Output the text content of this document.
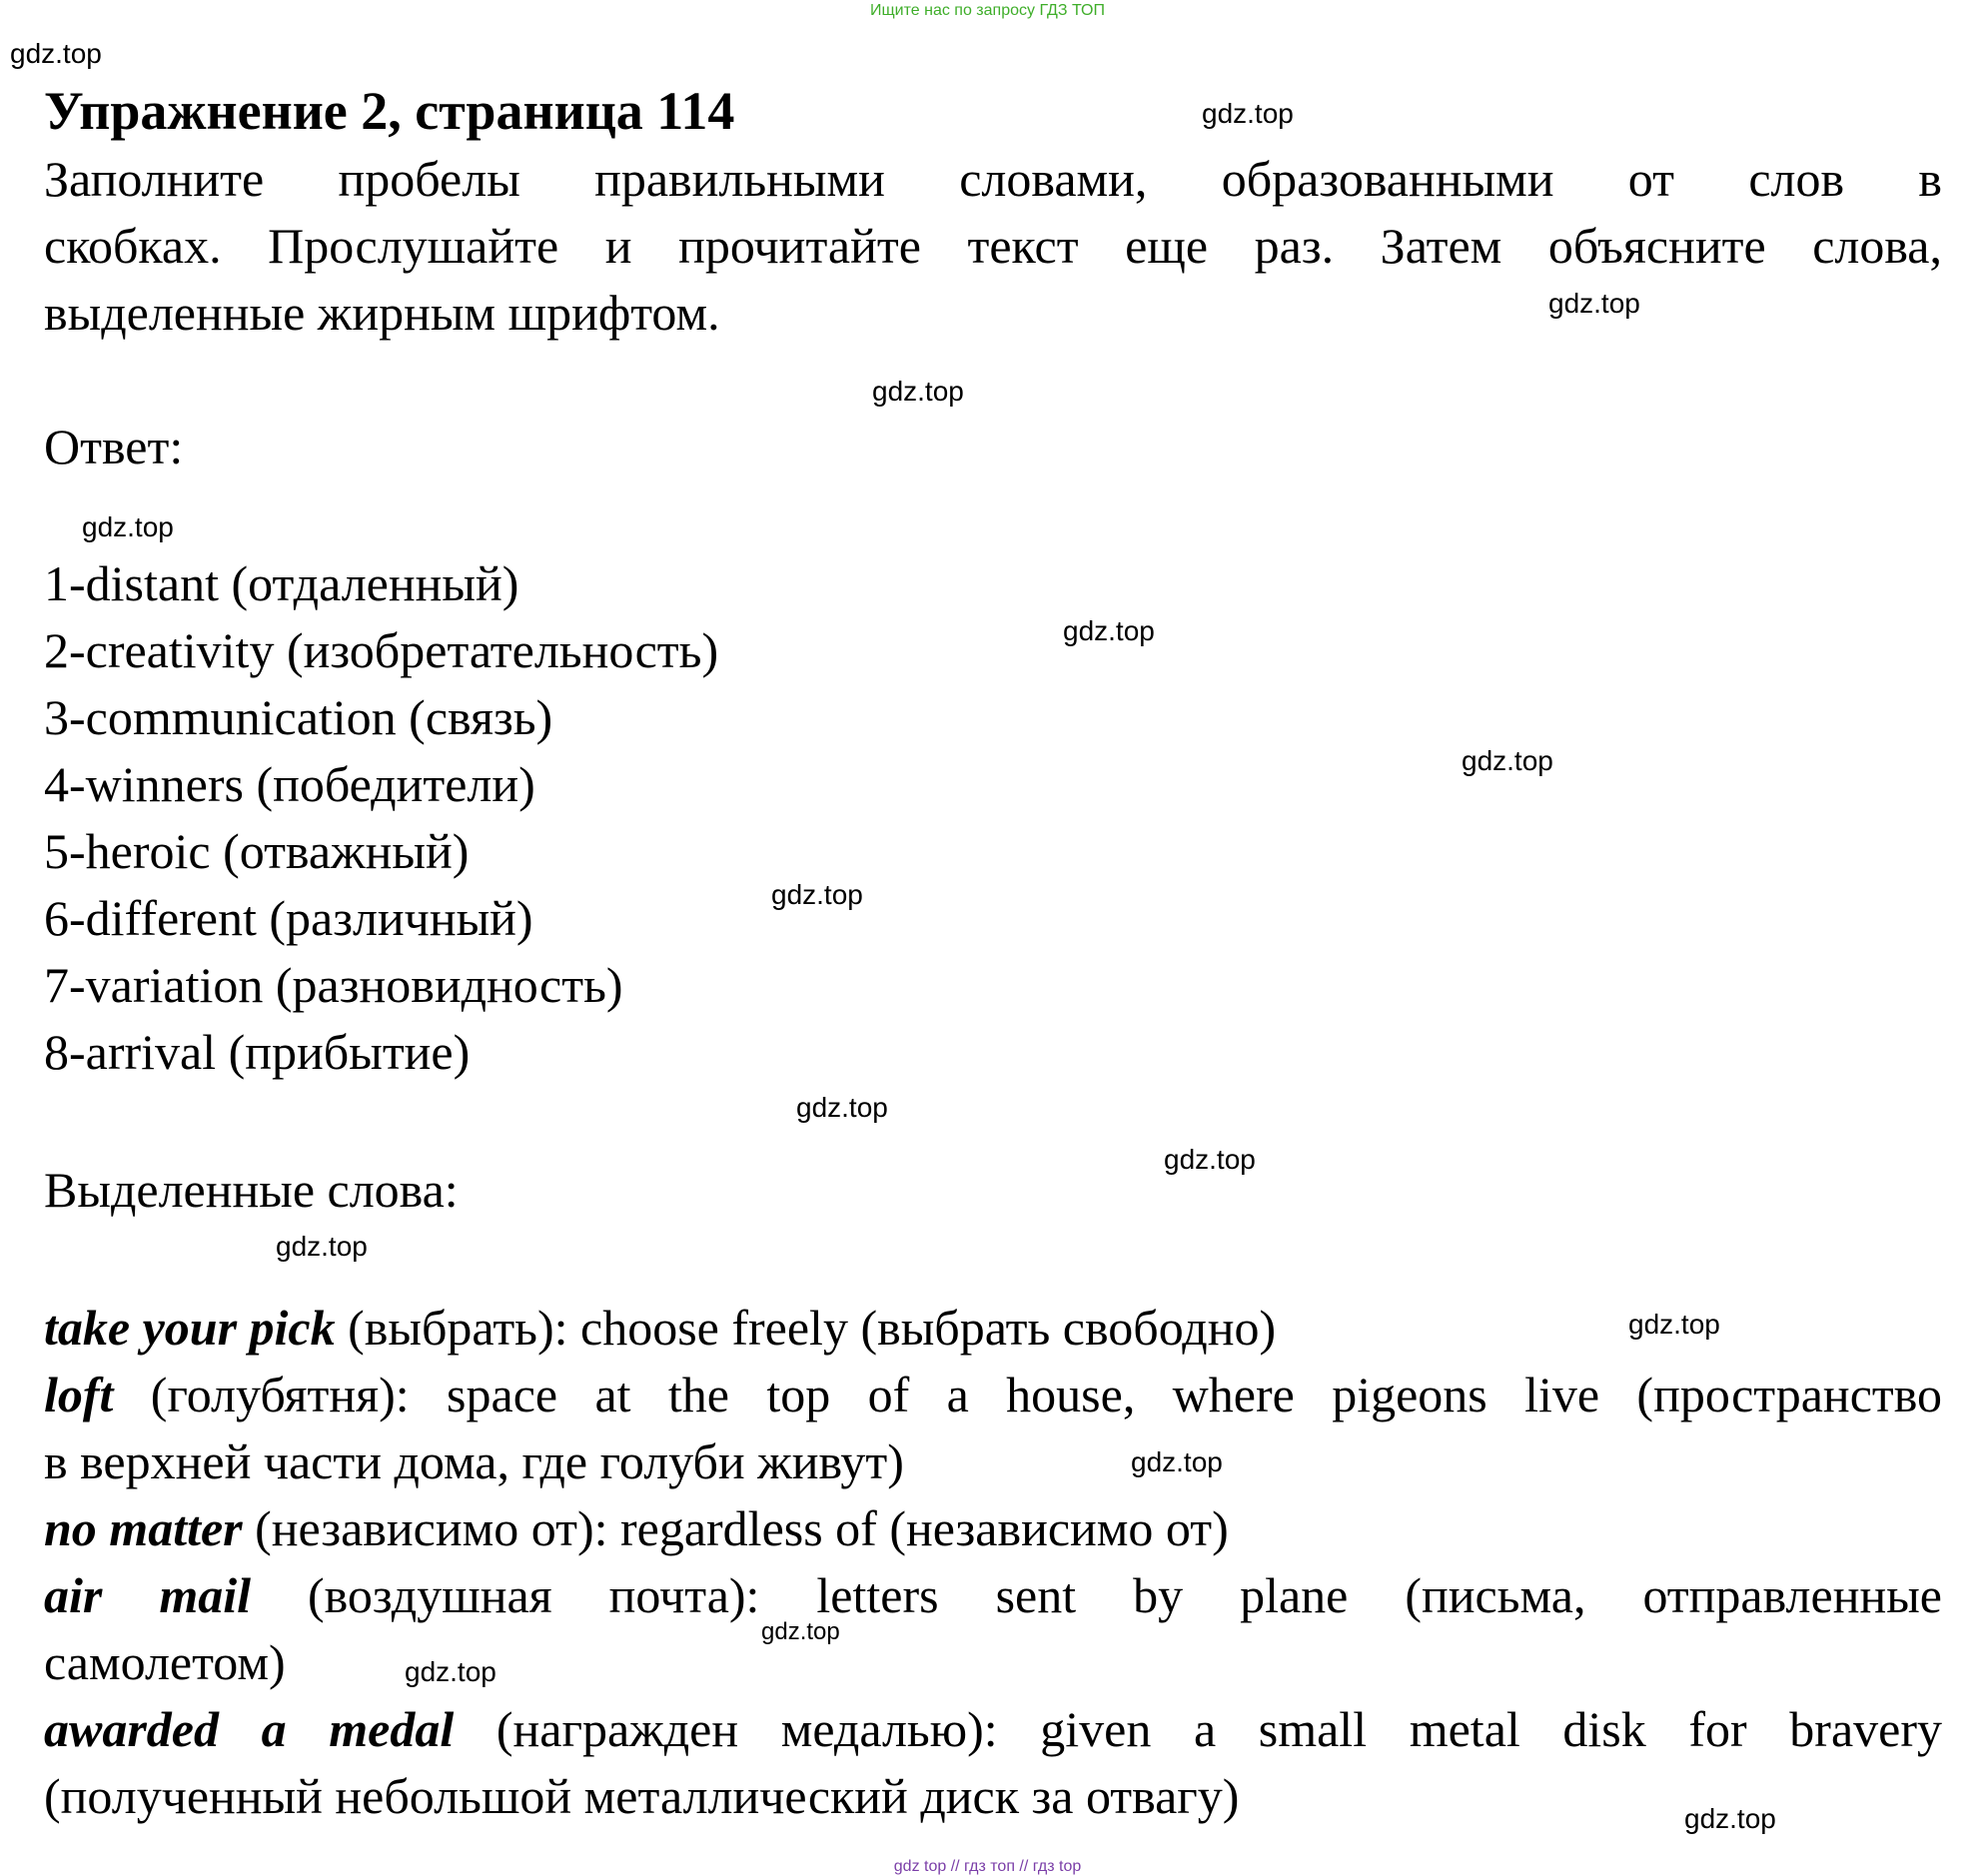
Ищите нас по запросу ГДЗ ТОП
gdz.top
Упражнение 2, страница 114	gdz.top
Заполните пробелы правильными словами, образованными от слов в
скобках. Прослушайте и прочитайте текст еще раз. Затем объясните слова,
выделенные жирным шрифтом.	gdz.top
gdz.top
Ответ:
gdz.top
1-distant (отдаленный)
2-creativity (изобретательность)	gdz.top
3-communication (связь)
4-winners (победители)	gdz.top
5-heroic (отважный)
6-different (различный)	gdz.top
7-variation (разновидность)
8-arrival (прибытие)
gdz.top
gdz.top
Выделенные слова:
gdz.top
take your pick (выбрать): choose freely (выбрать свободно)	gdz.top
loft (голубятня): space at the top of a house, where pigeons live (пространство
в верхней части дома, где голуби живут)	gdz.top
no matter (независимо от): regardless of (независимо от)
air mail (воздушная почта): letters sent by plane (письма, отправленные
gdz.top
самолетом)	gdz.top
awarded a medal (награжден медалью): given a small metal disk for bravery
(полученный небольшой металлический диск за отвагу)	gdz.top
gdz top // гдз топ // гдз top
